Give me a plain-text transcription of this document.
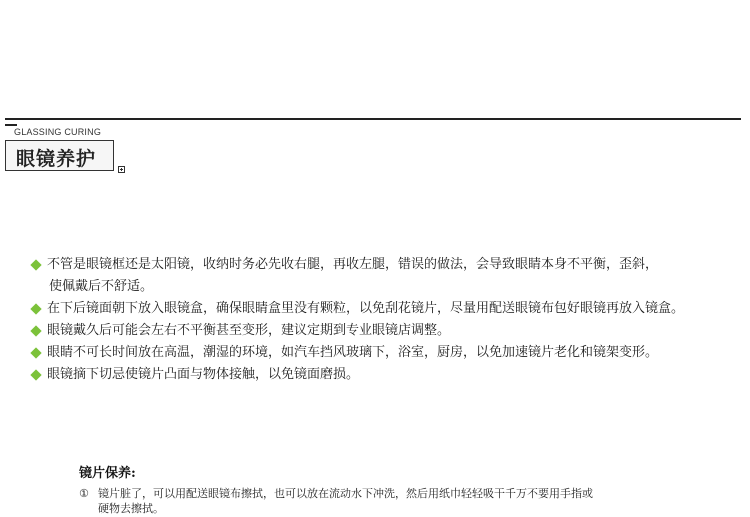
GLASSING CURING
眼镜养护
不管是眼镜框还是太阳镜，收纳时务必先收右腿，再收左腿，错误的做法，会导致眼睛本身不平衡，歪斜，
使佩戴后不舒适。
在下后镜面朝下放入眼镜盒，确保眼睛盒里没有颗粒，以免刮花镜片，尽量用配送眼镜布包好眼镜再放入镜盒。
眼镜戴久后可能会左右不平衡甚至变形，建议定期到专业眼镜店调整。
眼睛不可长时间放在高温，潮湿的环境，如汽车挡风玻璃下，浴室，厨房，以免加速镜片老化和镜架变形。
眼镜摘下切忌使镜片凸面与物体接触，以免镜面磨损。
镜片保养:
① 镜片脏了，可以用配送眼镜布擦拭，也可以放在流动水下冲洗，然后用纸巾轻轻吸干千万不要用手指或
硬物去擦拭。
